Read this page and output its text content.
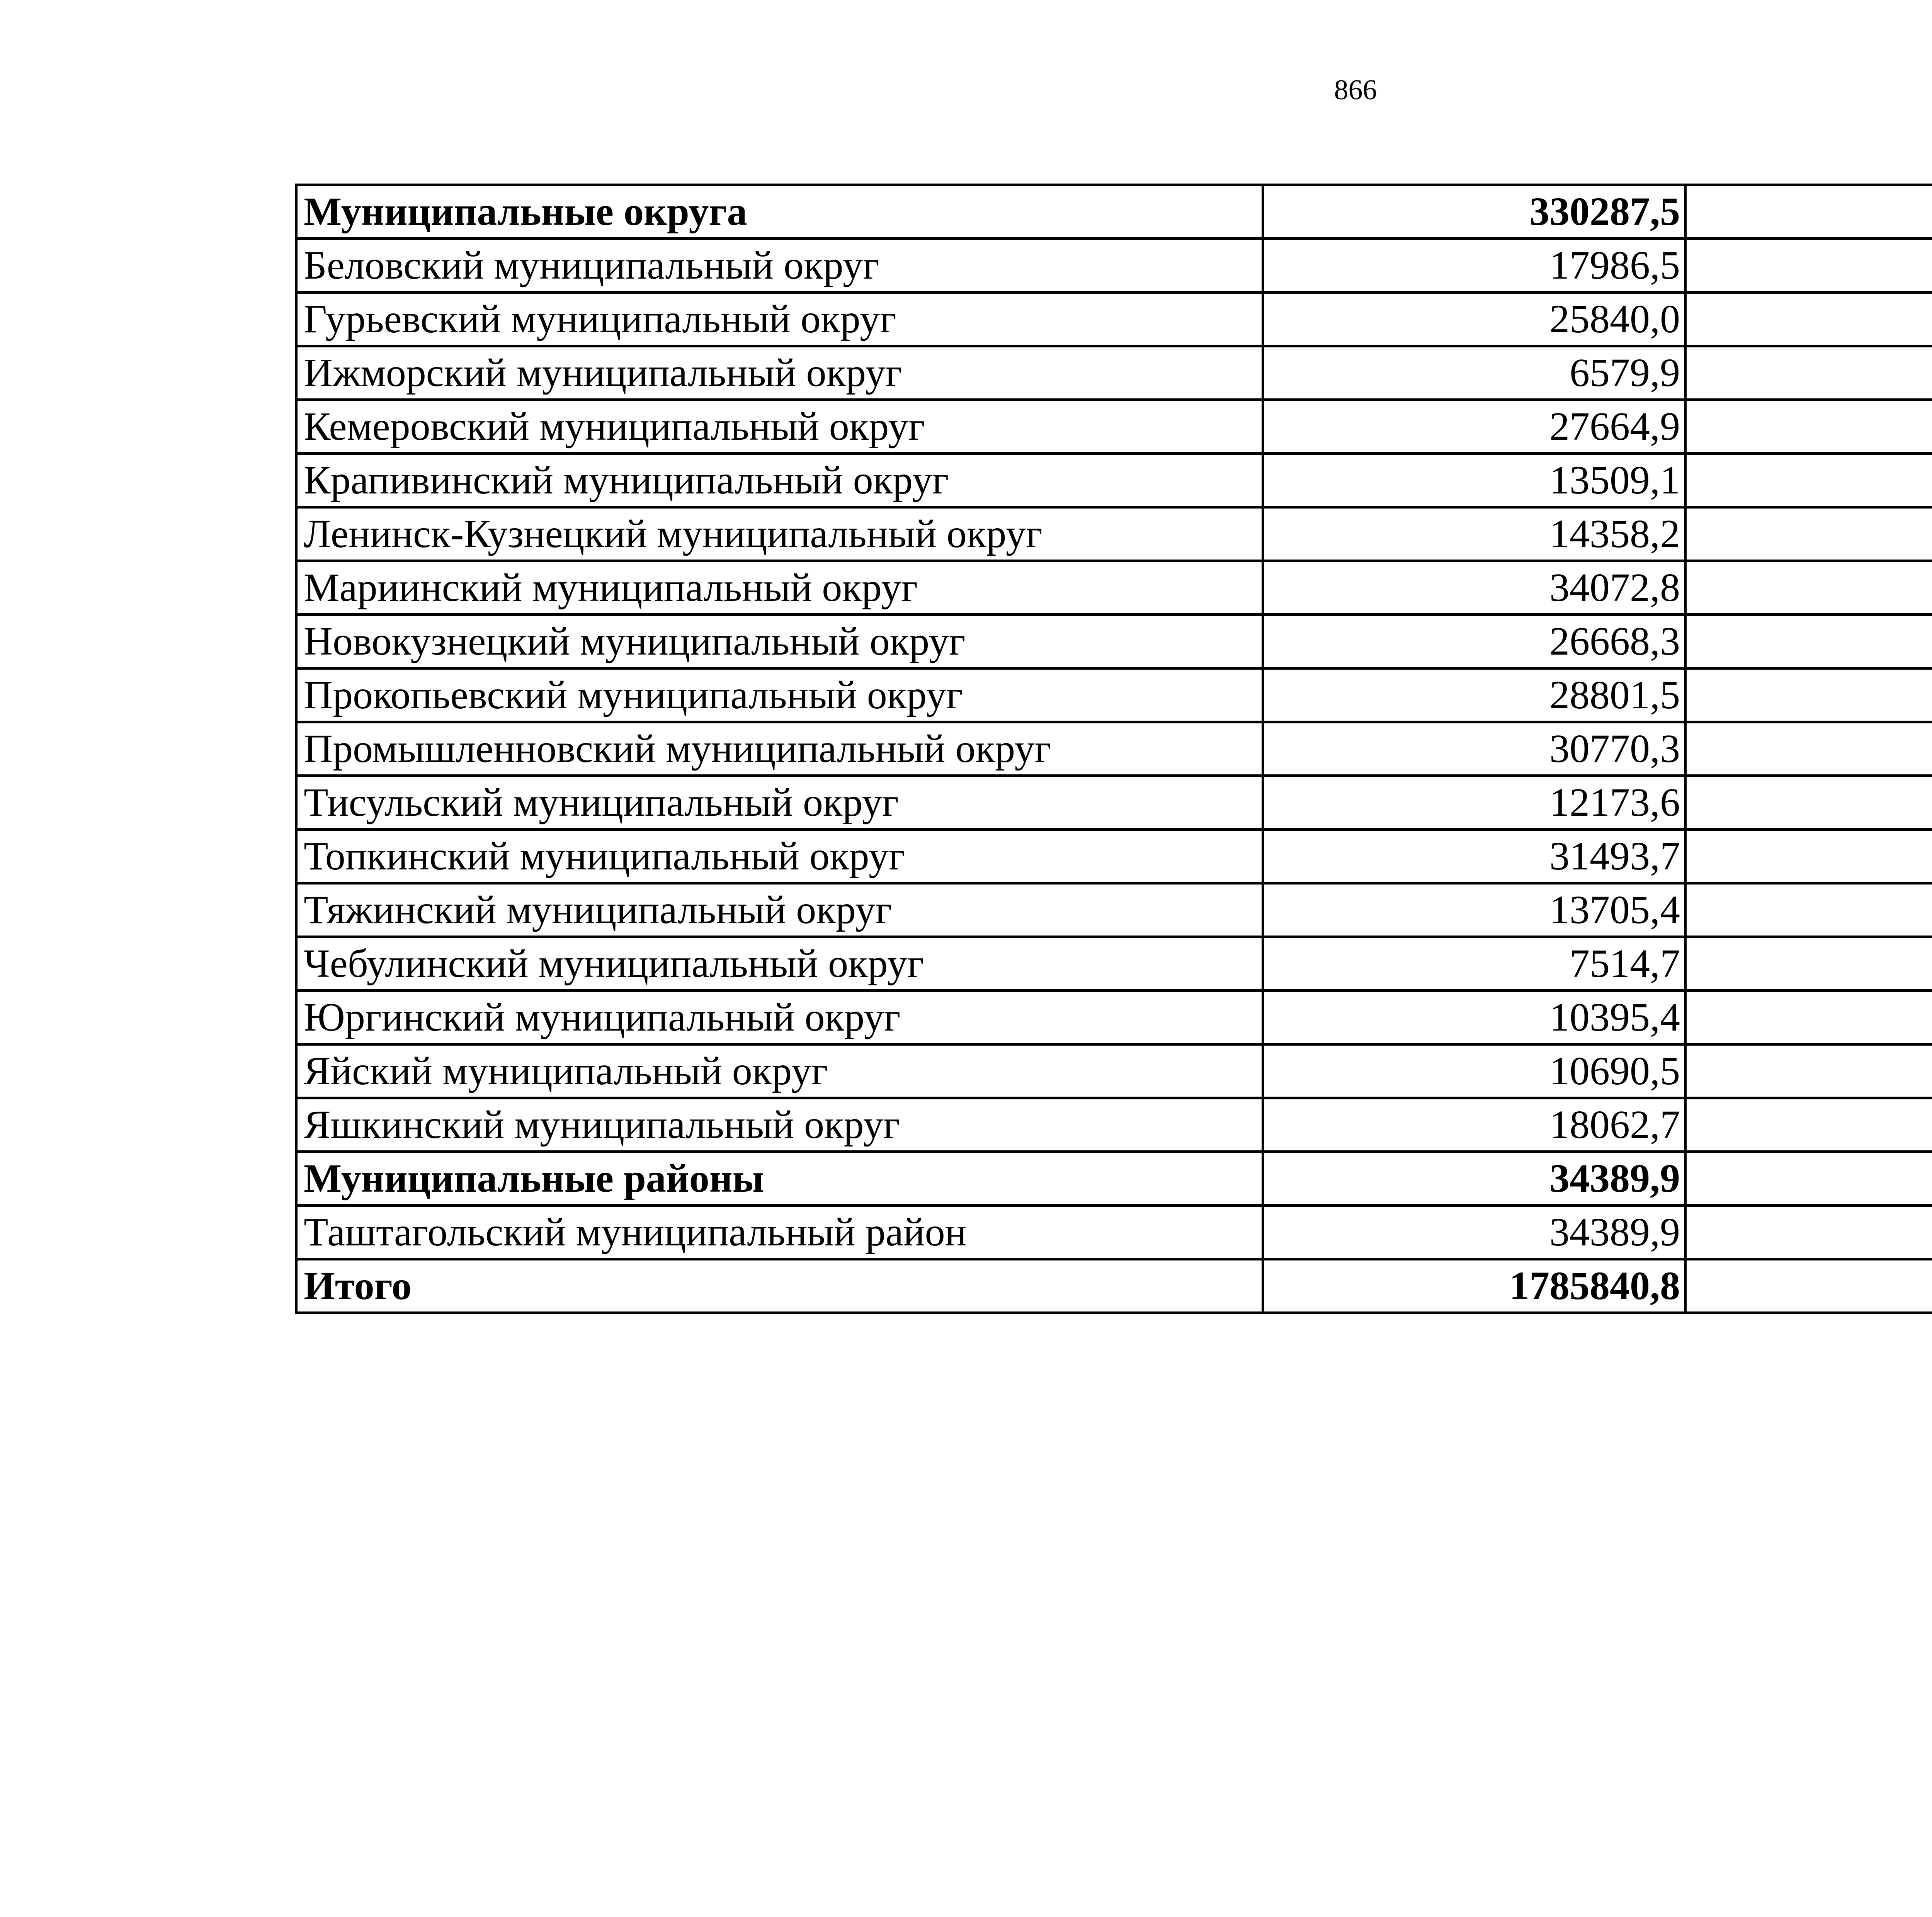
866
Муниципальные округа	330287,5		
Беловский муниципальный округ	17986,5		
Гурьевский муниципальный округ	25840,0		
Ижморский муниципальный округ	6579,9		
Кемеровский муниципальный округ	27664,9		
Крапивинский муниципальный округ	13509,1		
Ленинск-Кузнецкий муниципальный округ	14358,2		
Мариинский муниципальный округ	34072,8		
Новокузнецкий муниципальный округ	26668,3		
Прокопьевский муниципальный округ	28801,5		
Промышленновский муниципальный округ	30770,3		
Тисульский муниципальный округ	12173,6		
Топкинский муниципальный округ	31493,7		
Тяжинский муниципальный округ	13705,4		
Чебулинский муниципальный округ	7514,7		
Юргинский муниципальный округ	10395,4		
Яйский муниципальный округ	10690,5		
Яшкинский муниципальный округ	18062,7		
Муниципальные районы	34389,9		
Таштагольский муниципальный район	34389,9		
Итого	1785840,8		
